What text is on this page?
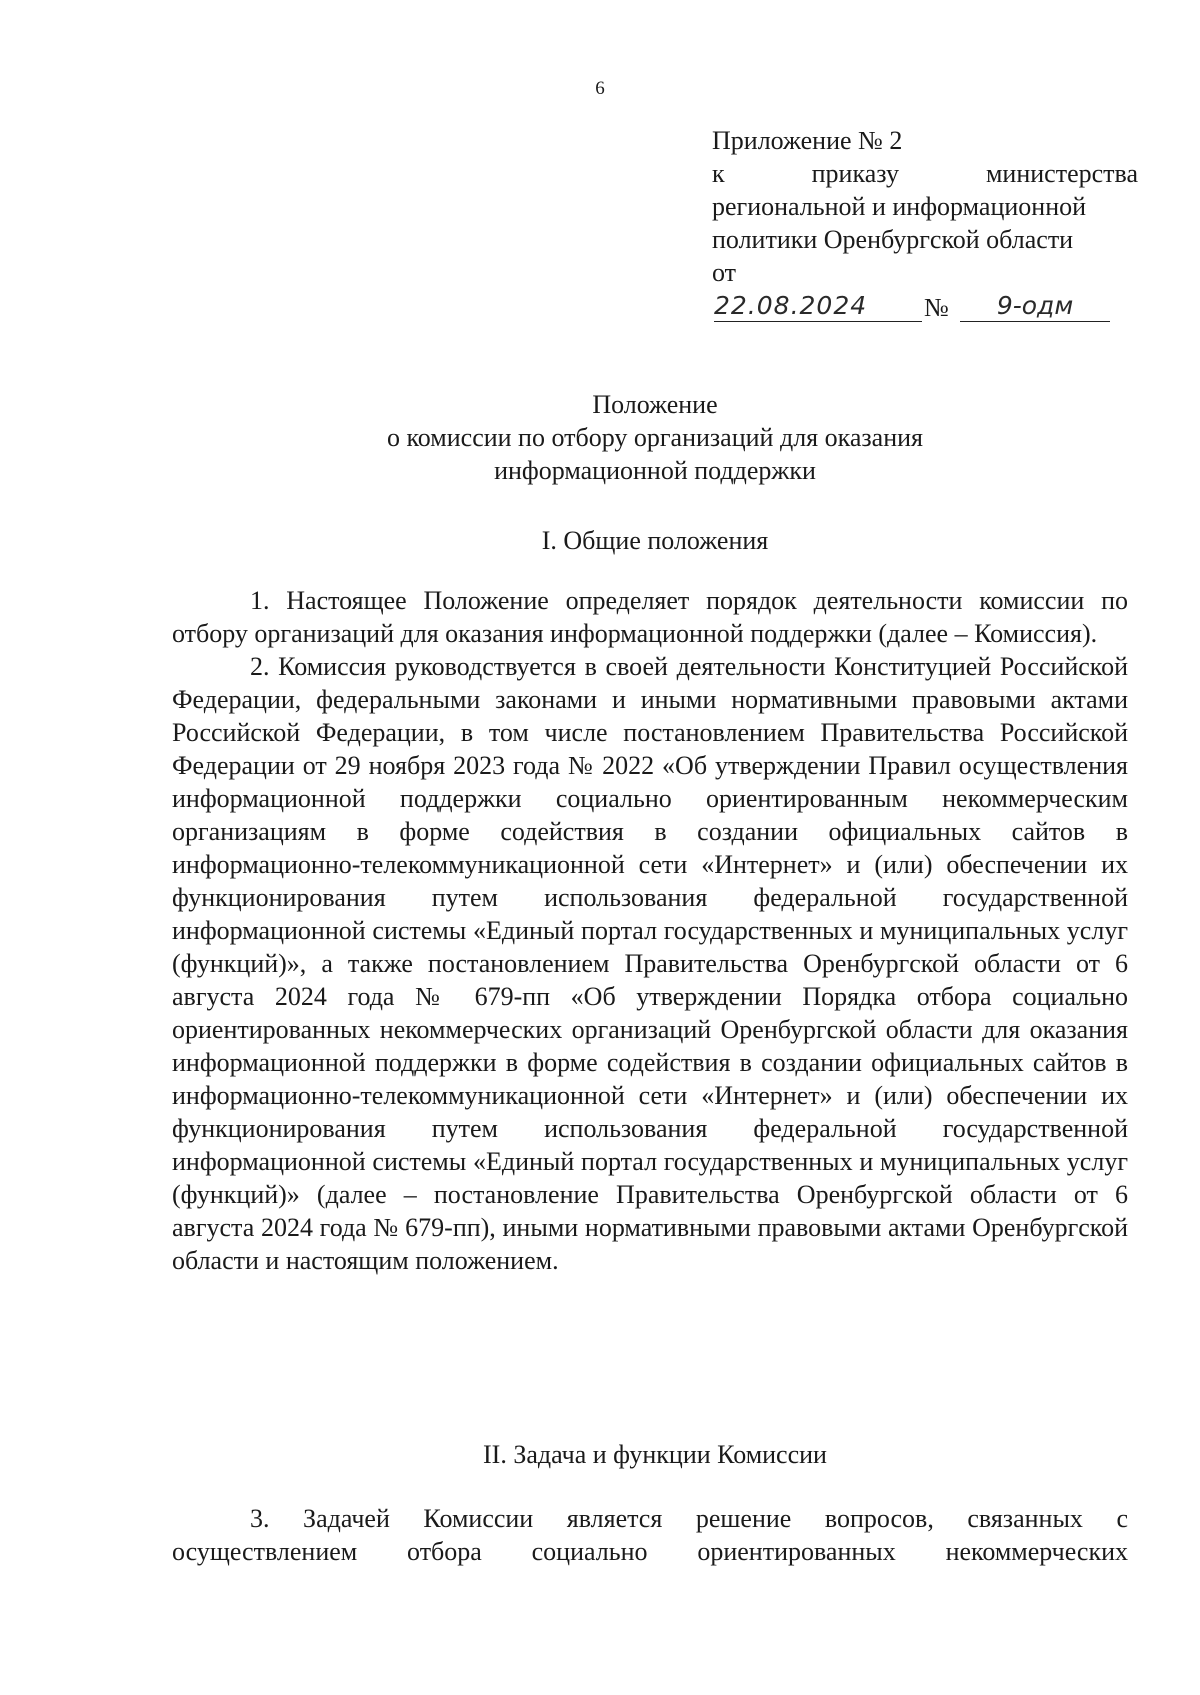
6
Приложение № 2
к приказу министерства
региональной и информационной
политики Оренбургской области
от
22.08.2024	№	9-одм
Положение
о комиссии по отбору организаций для оказания
информационной поддержки
I. Общие положения

1. Настоящее Положение определяет порядок деятельности комиссии по отбору организаций для оказания информационной поддержки (далее – Комиссия).

2. Комиссия руководствуется в своей деятельности Конституцией Российской Федерации, федеральными законами и иными нормативными правовыми актами Российской Федерации, в том числе постановлением Правительства Российской Федерации от 29 ноября 2023 года № 2022 «Об утверждении Правил осуществления информационной поддержки социально ориентированным некоммерческим организациям в форме содействия в создании официальных сайтов в информационно-телекоммуникационной сети «Интернет» и (или) обеспечении их функционирования путем использования федеральной государственной информационной системы «Единый портал государственных и муниципальных услуг (функций)», а также постановлением Правительства Оренбургской области от 6 августа 2024 года № 679-пп «Об утверждении Порядка отбора социально ориентированных некоммерческих организаций Оренбургской области для оказания информационной поддержки в форме содействия в создании официальных сайтов в информационно-телекоммуникационной сети «Интернет» и (или) обеспечении их функционирования путем использования федеральной государственной информационной системы «Единый портал государственных и муниципальных услуг (функций)» (далее – постановление Правительства Оренбургской области от 6 августа 2024 года № 679-пп), иными нормативными правовыми актами Оренбургской области и настоящим положением.

II. Задача и функции Комиссии

3. Задачей Комиссии является решение вопросов, связанных с осуществлением отбора социально ориентированных некоммерческих
